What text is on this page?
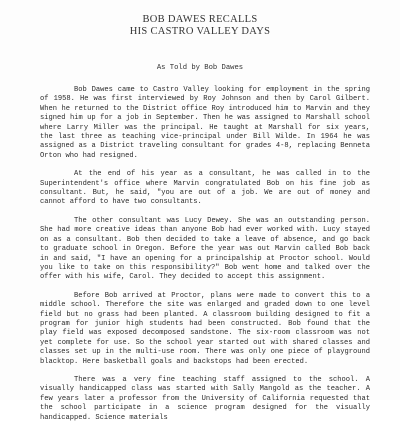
BOB DAWES RECALLS
HIS CASTRO VALLEY DAYS
As Told by Bob Dawes

Bob Dawes came to Castro Valley looking for employment in the spring of 1958. He was first interviewed by Roy Johnson and then by Carol Gilbert. When he returned to the District office Roy introduced him to Marvin and they signed him up for a job in September. Then he was assigned to Marshall school where Larry Miller was the principal. He taught at Marshall for six years, the last three as teaching vice-principal under Bill Wilde. In 1964 he was assigned as a District traveling consultant for grades 4-8, replacing Benneta Orton who had resigned.

At the end of his year as a consultant, he was called in to the Superintendent's office where Marvin congratulated Bob on his fine job as consultant. But, he said, "you are out of a job. We are out of money and cannot afford to have two consultants.

The other consultant was Lucy Dewey. She was an outstanding person. She had more creative ideas than anyone Bob had ever worked with. Lucy stayed on as a consultant. Bob then decided to take a leave of absence, and go back to graduate school in Oregon. Before the year was out Marvin called Bob back in and said, "I have an opening for a principalship at Proctor school. Would you like to take on this responsibility?" Bob went home and talked over the offer with his wife, Carol. They decided to accept this assignment.

Before Bob arrived at Proctor, plans were made to convert this to a middle school. Therefore the site was enlarged and graded down to one level field but no grass had been planted. A classroom building designed to fit a program for junior high students had been constructed. Bob found that the play field was exposed decomposed sandstone. The six-room classroom was not yet complete for use. So the school year started out with shared classes and classes set up in the multi-use room. There was only one piece of playground blacktop. Here basketball goals and backstops had been erected.

There was a very fine teaching staff assigned to the school. A visually handicapped class was started with Sally Mangold as the teacher. A few years later a professor from the University of California requested that the school participate in a science program designed for the visually handicapped. Science materials
